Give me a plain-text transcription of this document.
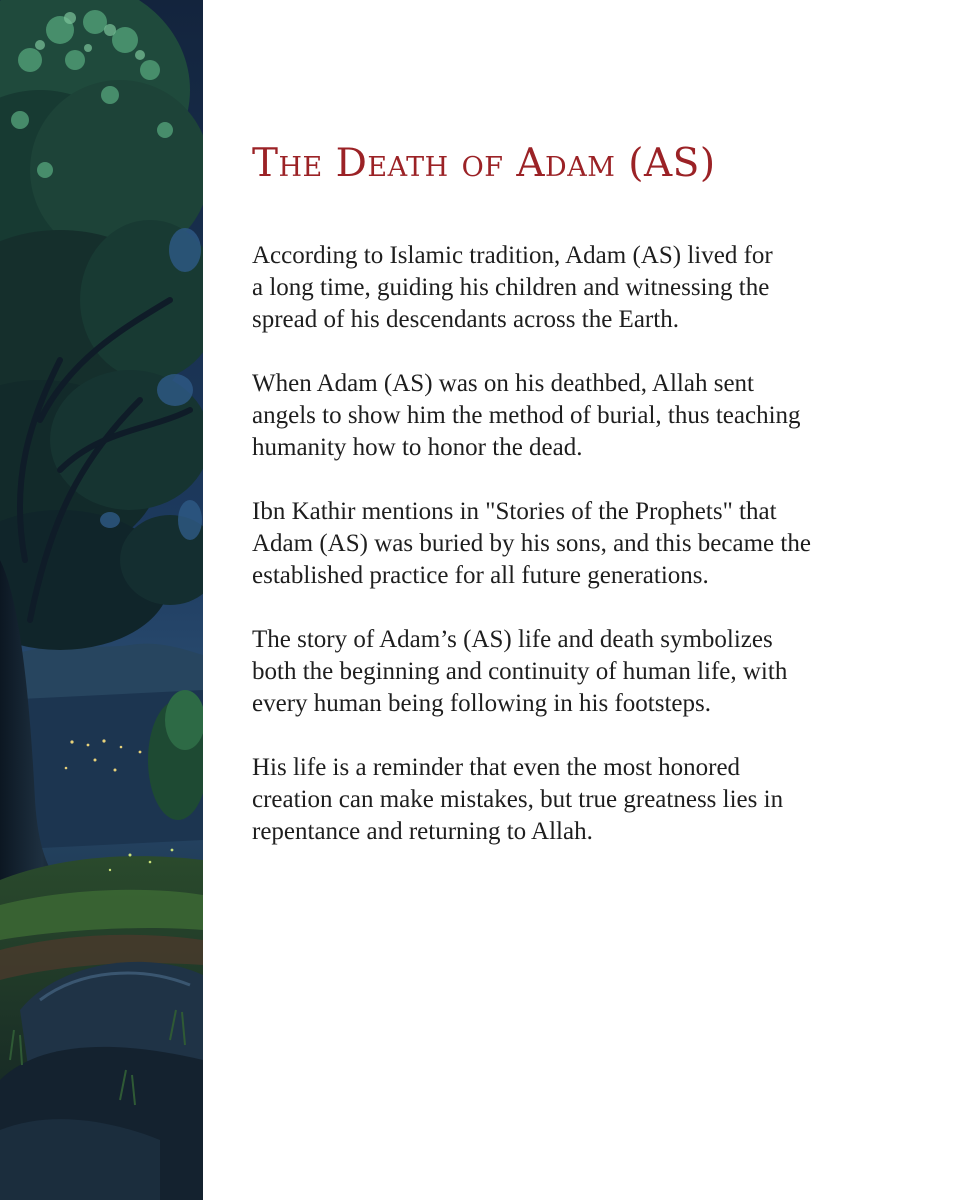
The Death of Adam (AS)

According to Islamic tradition, Adam (AS) lived for
a long time, guiding his children and witnessing the
spread of his descendants across the Earth.

When Adam (AS) was on his deathbed, Allah sent
angels to show him the method of burial, thus teaching
humanity how to honor the dead.

Ibn Kathir mentions in "Stories of the Prophets" that
Adam (AS) was buried by his sons, and this became the
established practice for all future generations.

The story of Adam’s (AS) life and death symbolizes
both the beginning and continuity of human life, with
every human being following in his footsteps.

His life is a reminder that even the most honored
creation can make mistakes, but true greatness lies in
repentance and returning to Allah.
